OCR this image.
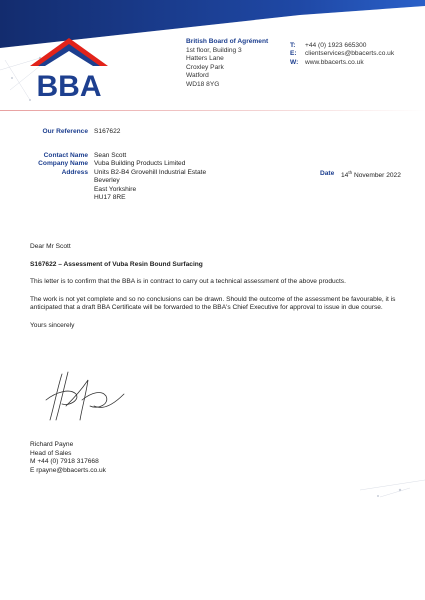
BBA
British Board of Agrément
1st floor, Building 3
Hatters Lane
Croxley Park
Watford
WD18 8YG
T:	+44 (0) 1923 665300
E:	clientservices@bbacerts.co.uk
W:	www.bbacerts.co.uk
Our Reference S167622
Contact Name Sean Scott
Company Name Vuba Building Products Limited
Address Units B2-B4 Grovehill Industrial Estate
Beverley
East Yorkshire
HU17 8RE
Date 14th November 2022

Dear Mr Scott

S167622 – Assessment of Vuba Resin Bound Surfacing

This letter is to confirm that the BBA is in contract to carry out a technical assessment of the above products.

The work is not yet complete and so no conclusions can be drawn. Should the outcome of the assessment be favourable, it is anticipated that a draft BBA Certificate will be forwarded to the BBA's Chief Executive for approval to issue in due course.

Yours sincerely

Richard Payne
Head of Sales
M +44 (0) 7918 317668
E rpayne@bbacerts.co.uk
